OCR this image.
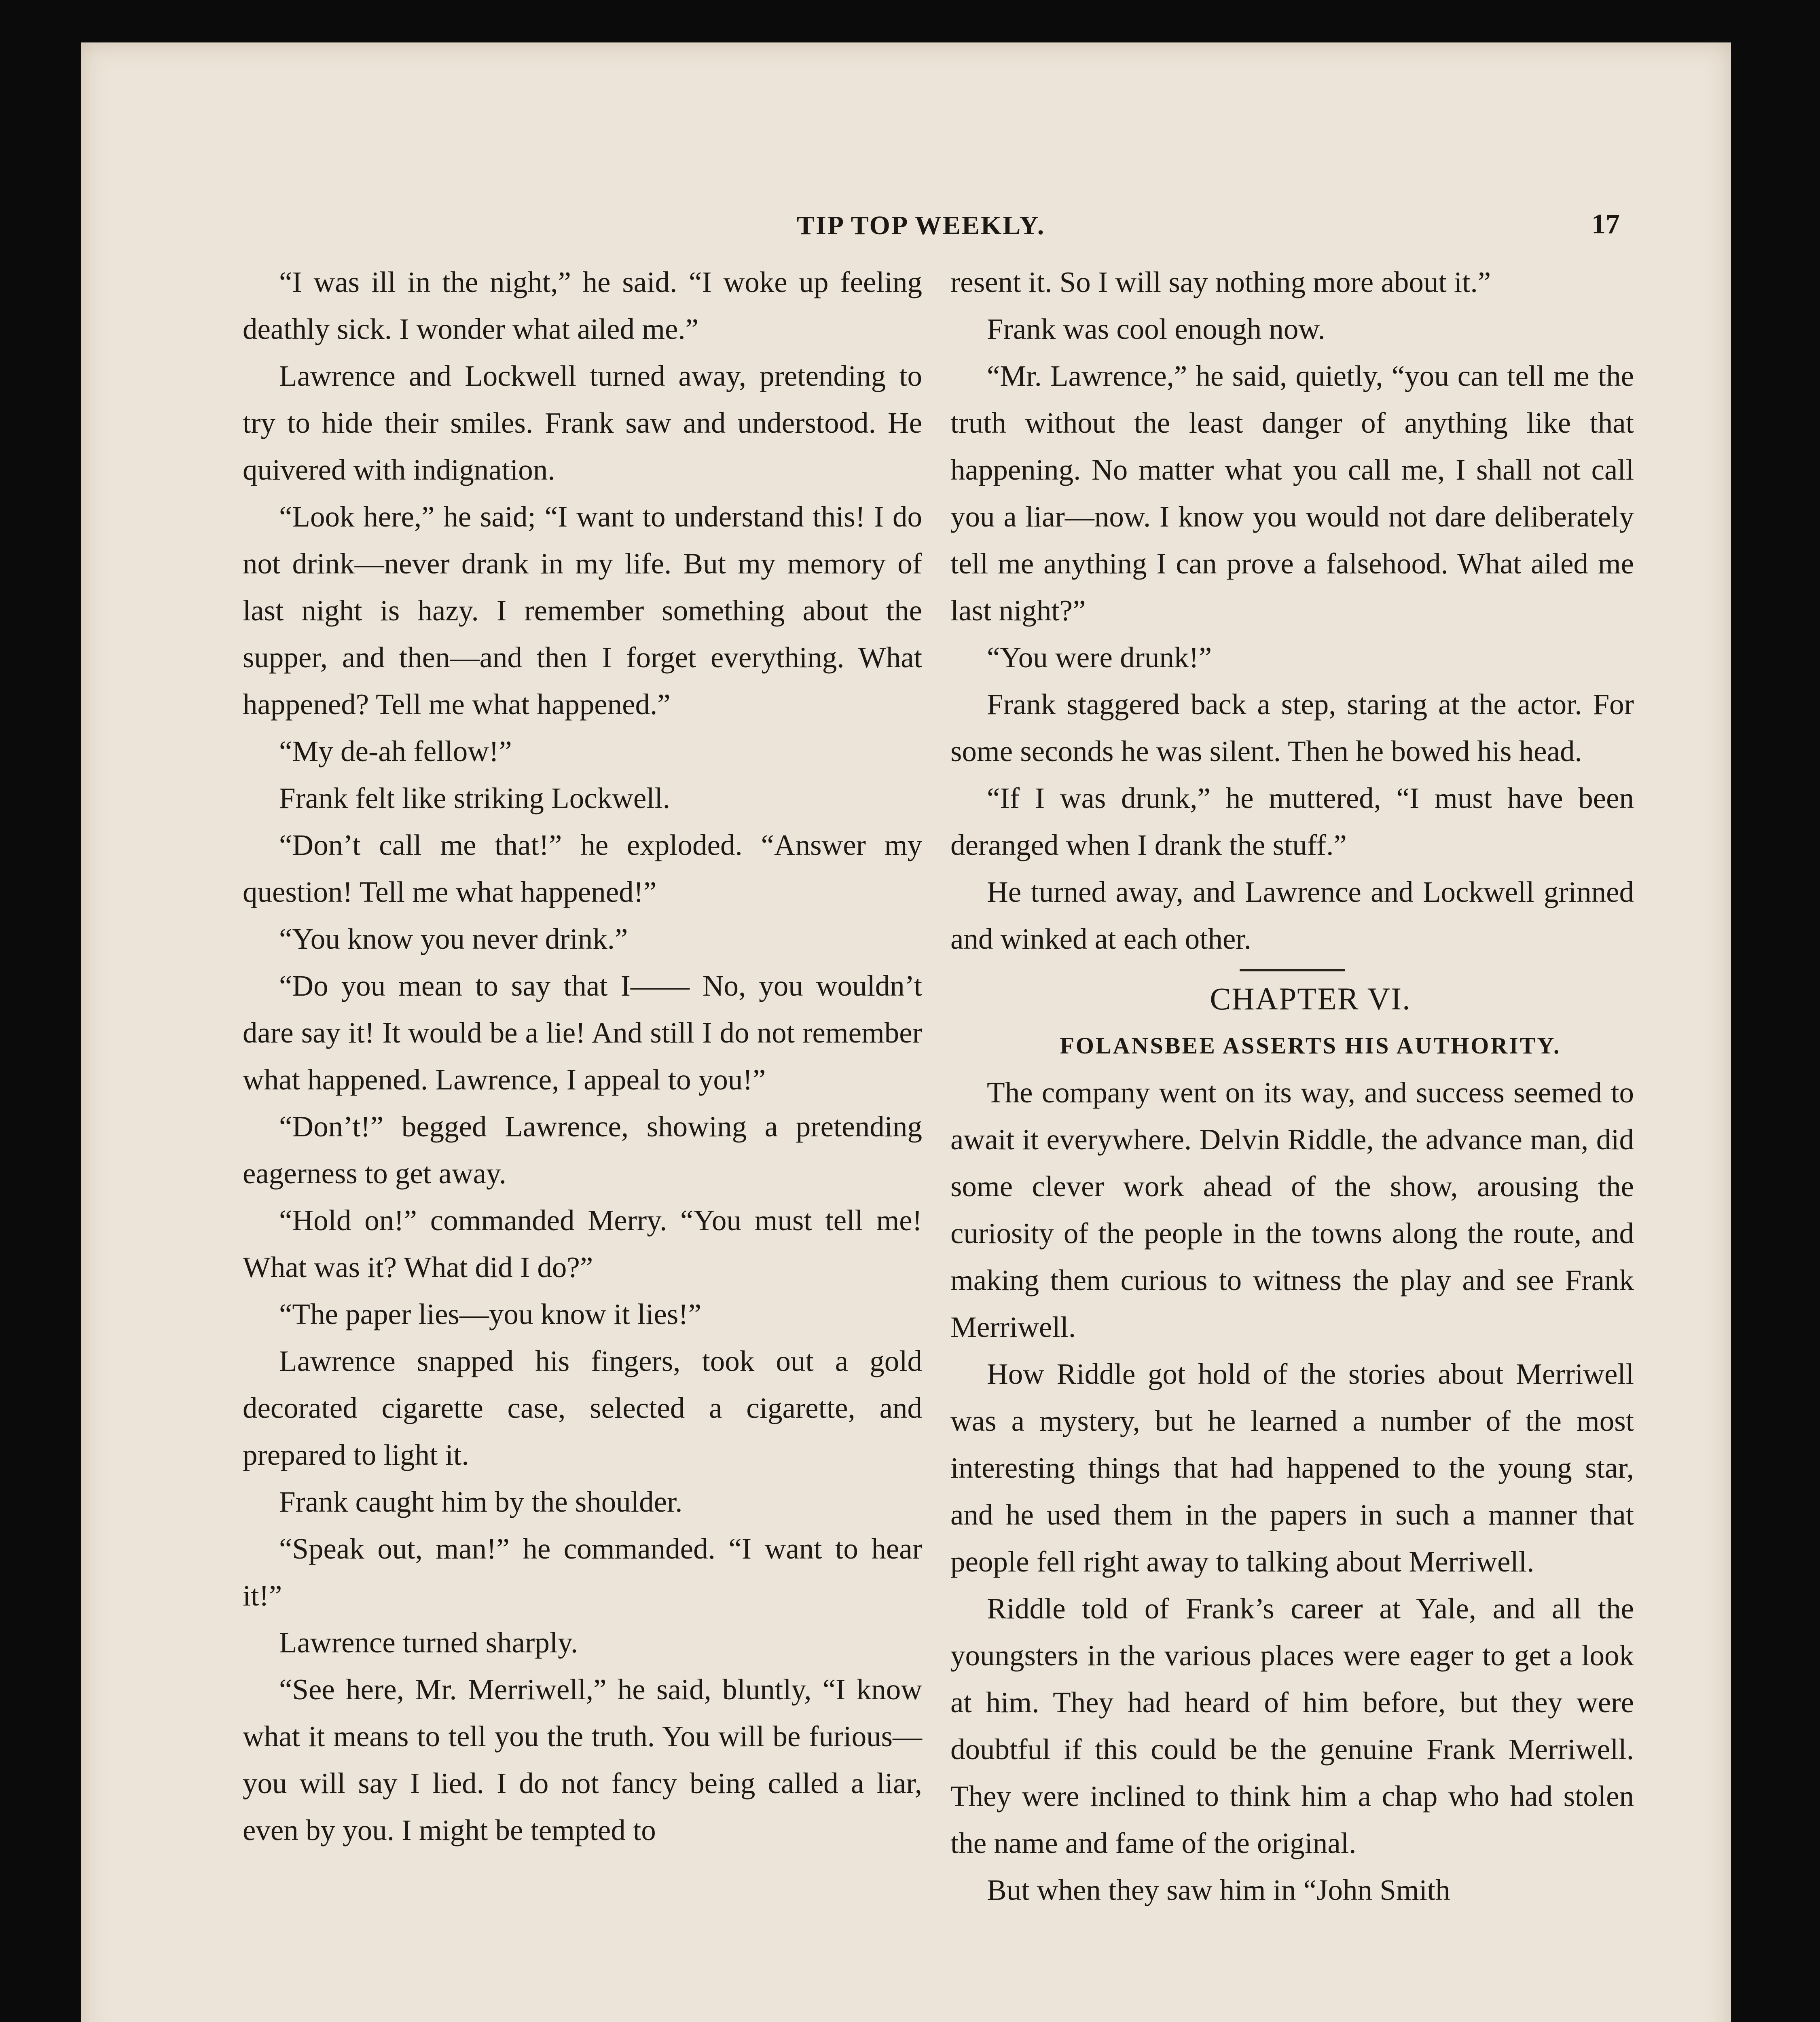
TIP TOP WEEKLY.	17

“I was ill in the night,” he said. “I woke up feeling deathly sick. I wonder what ailed me.”

Lawrence and Lockwell turned away, pretending to try to hide their smiles. Frank saw and understood. He quivered with indignation.

“Look here,” he said; “I want to understand this! I do not drink—never drank in my life. But my memory of last night is hazy. I remember something about the supper, and then—and then I forget everything. What happened? Tell me what happened.”

“My de-ah fellow!”

Frank felt like striking Lockwell.

“Don’t call me that!” he exploded. “Answer my question! Tell me what happened!”

“You know you never drink.”

“Do you mean to say that I—— No, you wouldn’t dare say it! It would be a lie! And still I do not remember what happened. Lawrence, I appeal to you!”

“Don’t!” begged Lawrence, showing a pretending eagerness to get away.

“Hold on!” commanded Merry. “You must tell me! What was it? What did I do?”

“The paper lies—you know it lies!”

Lawrence snapped his fingers, took out a gold decorated cigarette case, selected a cigarette, and prepared to light it.

Frank caught him by the shoulder.

“Speak out, man!” he commanded. “I want to hear it!”

Lawrence turned sharply.

“See here, Mr. Merriwell,” he said, bluntly, “I know what it means to tell you the truth. You will be furious—you will say I lied. I do not fancy being called a liar, even by you. I might be tempted to

resent it. So I will say nothing more about it.”

Frank was cool enough now.

“Mr. Lawrence,” he said, quietly, “you can tell me the truth without the least danger of anything like that happening. No matter what you call me, I shall not call you a liar—now. I know you would not dare deliberately tell me anything I can prove a falsehood. What ailed me last night?”

“You were drunk!”

Frank staggered back a step, staring at the actor. For some seconds he was silent. Then he bowed his head.

“If I was drunk,” he muttered, “I must have been deranged when I drank the stuff.”

He turned away, and Lawrence and Lockwell grinned and winked at each other.

CHAPTER VI.

FOLANSBEE ASSERTS HIS AUTHORITY.

The company went on its way, and success seemed to await it everywhere. Delvin Riddle, the advance man, did some clever work ahead of the show, arousing the curiosity of the people in the towns along the route, and making them curious to witness the play and see Frank Merriwell.

How Riddle got hold of the stories about Merriwell was a mystery, but he learned a number of the most interesting things that had happened to the young star, and he used them in the papers in such a manner that people fell right away to talking about Merriwell.

Riddle told of Frank’s career at Yale, and all the youngsters in the various places were eager to get a look at him. They had heard of him before, but they were doubtful if this could be the genuine Frank Merriwell. They were inclined to think him a chap who had stolen the name and fame of the original.

But when they saw him in “John Smith
